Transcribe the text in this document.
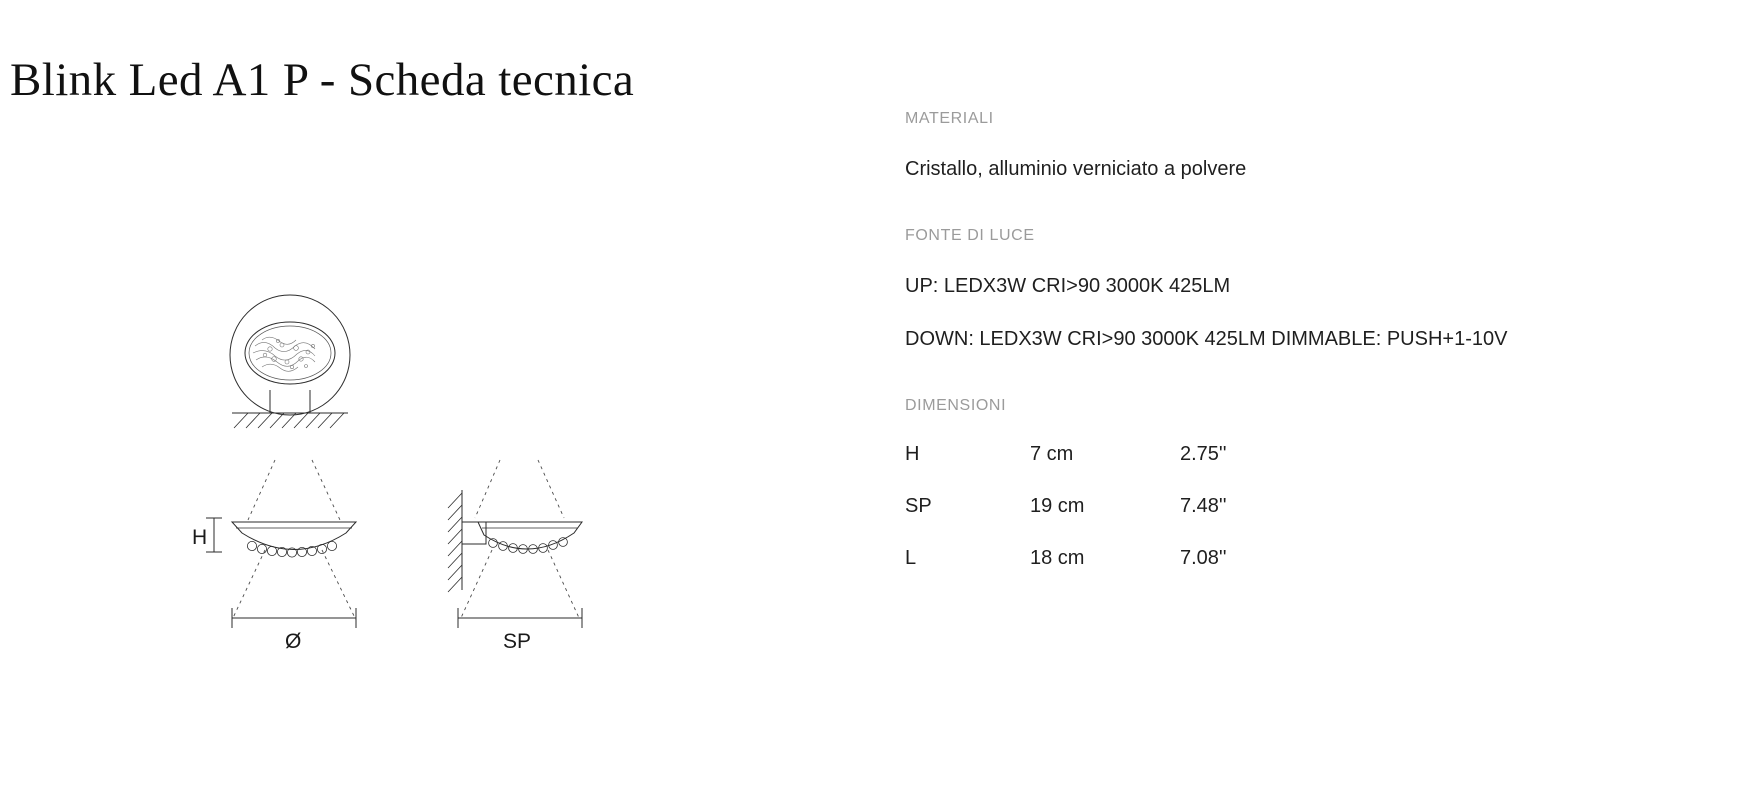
Blink Led A1 P - Scheda tecnica
H
Ø	SP
MATERIALI

Cristallo, alluminio verniciato a polvere

FONTE DI LUCE

UP: LEDX3W CRI>90 3000K 425LM

DOWN: LEDX3W CRI>90 3000K 425LM DIMMABLE: PUSH+1-10V

DIMENSIONI
H	7 cm	2.75''
SP	19 cm	7.48''
L	18 cm	7.08''
